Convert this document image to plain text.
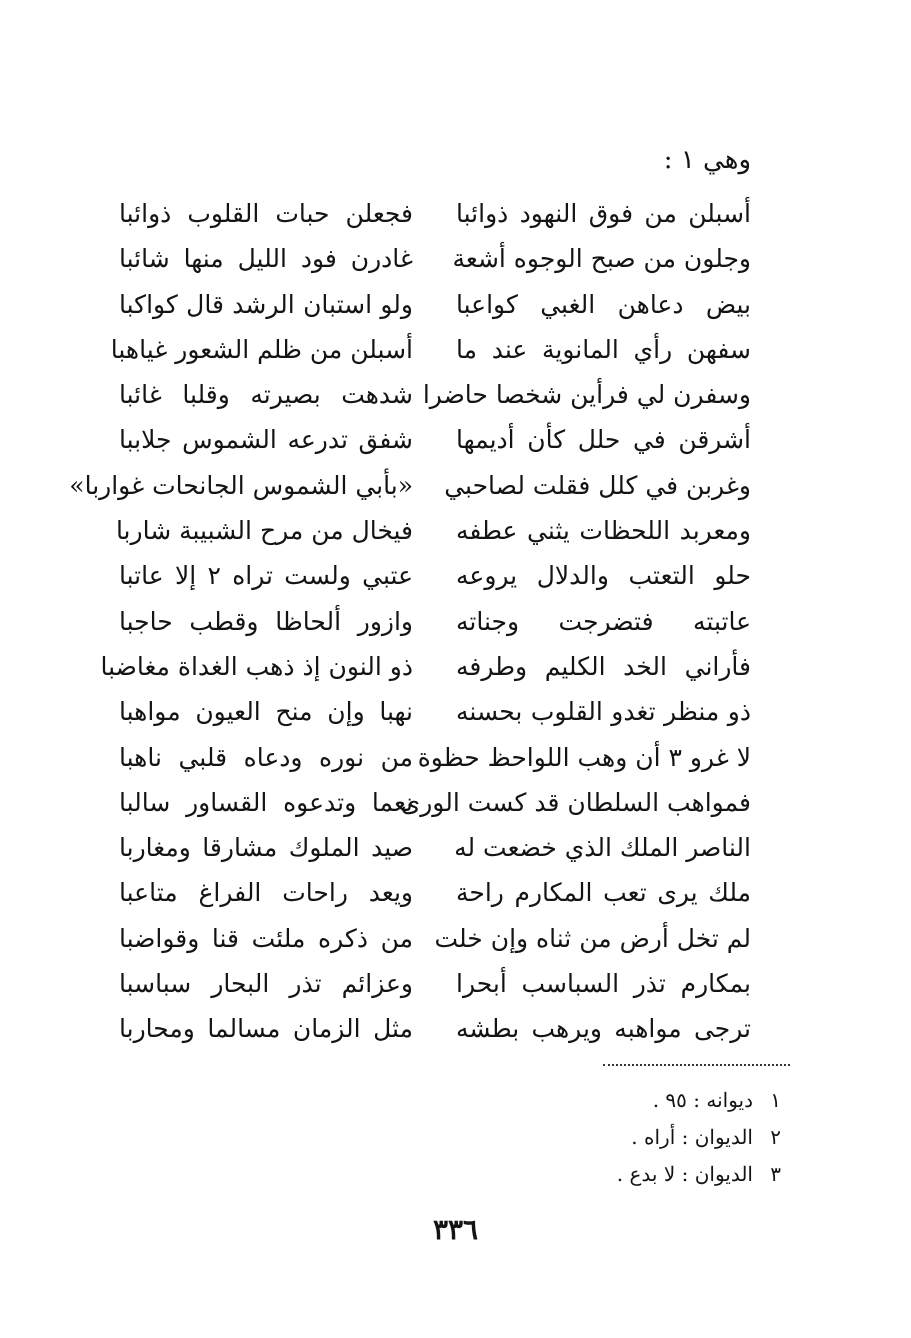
وهي ١ :
أسبلن من فوق النهود ذوائبا
فجعلن حبات القلوب ذوائبا
وجلون من صبح الوجوه أشعة
غادرن فود الليل منها شائبا
بيض دعاهن الغبي كواعبا
ولو استبان الرشد قال كواكبا
سفهن رأي المانوية عند ما
أسبلن من ظلم الشعور غياهبا
وسفرن لي فرأين شخصا حاضرا
شدهت بصيرته وقلبا غائبا
أشرقن في حلل كأن أديمها
شفق تدرعه الشموس جلاببا
وغربن في كلل فقلت لصاحبي
«بأبي الشموس الجانحات غواربا»
ومعربد اللحظات يثني عطفه
فيخال من مرح الشبيبة شاربا
حلو التعتب والدلال يروعه
عتبي ولست تراه ٢ إلا عاتبا
عاتبته فتضرجت وجناته
وازور ألحاظا وقطب حاجبا
فأراني الخد الكليم وطرفه
ذو النون إذ ذهب الغداة مغاضبا
ذو منظر تغدو القلوب بحسنه
نهبا وإن منح العيون مواهبا
لا غرو ٣ أن وهب اللواحظ حظوة
من نوره ودعاه قلبي ناهبا
فمواهب السلطان قد كست الورى
نعما وتدعوه القساور سالبا
الناصر الملك الذي خضعت له
صيد الملوك مشارقا ومغاربا
ملك يرى تعب المكارم راحة
ويعد راحات الفراغ متاعبا
لم تخل أرض من ثناه وإن خلت
من ذكره ملئت قنا وقواضبا
بمكارم تذر السباسب أبحرا
وعزائم تذر البحار سباسبا
ترجى مواهبه ويرهب بطشه
مثل الزمان مسالما ومحاربا
١ديوانه : ٩٥ .
٢الديوان : أراه .
٣الديوان : لا بدع .
٣٣٦
